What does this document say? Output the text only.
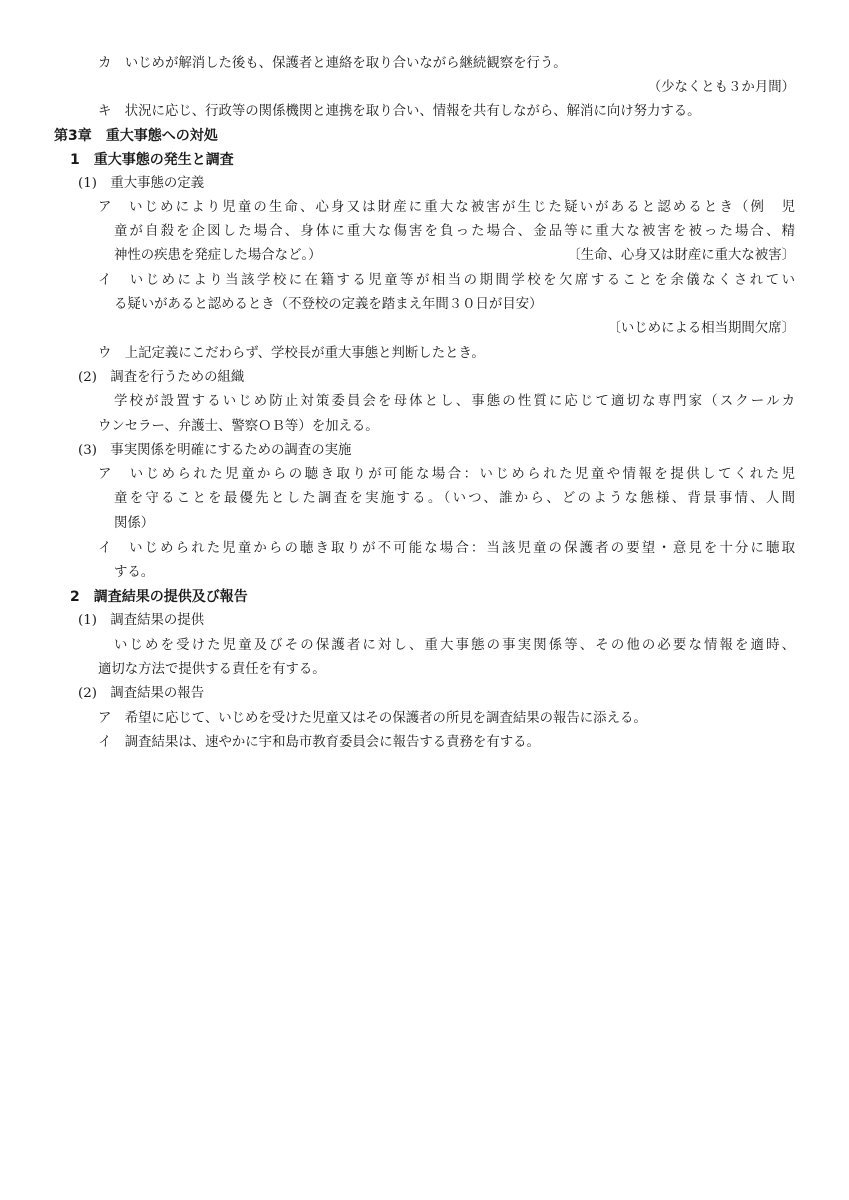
カ　いじめが解消した後も、保護者と連絡を取り合いながら継続観察を行う。
（少なくとも３か月間）
キ　状況に応じ、行政等の関係機関と連携を取り合い、情報を共有しながら、解消に向け努力する。
第3章　重大事態への対処
1　重大事態の発生と調査
(1)　重大事態の定義
ア　いじめにより児童の生命、心身又は財産に重大な被害が生じた疑いがあると認めるとき（例　児
童が自殺を企図した場合、身体に重大な傷害を負った場合、金品等に重大な被害を被った場合、精
神性の疾患を発症した場合など。）	〔生命、心身又は財産に重大な被害〕
イ　いじめにより当該学校に在籍する児童等が相当の期間学校を欠席することを余儀なくされてい
る疑いがあると認めるとき（不登校の定義を踏まえ年間３０日が目安）
〔いじめによる相当期間欠席〕
ウ　上記定義にこだわらず、学校長が重大事態と判断したとき。
(2)　調査を行うための組織
学校が設置するいじめ防止対策委員会を母体とし、事態の性質に応じて適切な専門家（スクールカ
ウンセラー、弁護士、警察ＯＢ等）を加える。
(3)　事実関係を明確にするための調査の実施
ア　いじめられた児童からの聴き取りが可能な場合：いじめられた児童や情報を提供してくれた児
童を守ることを最優先とした調査を実施する。（いつ、誰から、どのような態様、背景事情、人間
関係）
イ　いじめられた児童からの聴き取りが不可能な場合：当該児童の保護者の要望・意見を十分に聴取
する。
2　調査結果の提供及び報告
(1)　調査結果の提供
いじめを受けた児童及びその保護者に対し、重大事態の事実関係等、その他の必要な情報を適時、
適切な方法で提供する責任を有する。
(2)　調査結果の報告
ア　希望に応じて、いじめを受けた児童又はその保護者の所見を調査結果の報告に添える。
イ　調査結果は、速やかに宇和島市教育委員会に報告する責務を有する。
